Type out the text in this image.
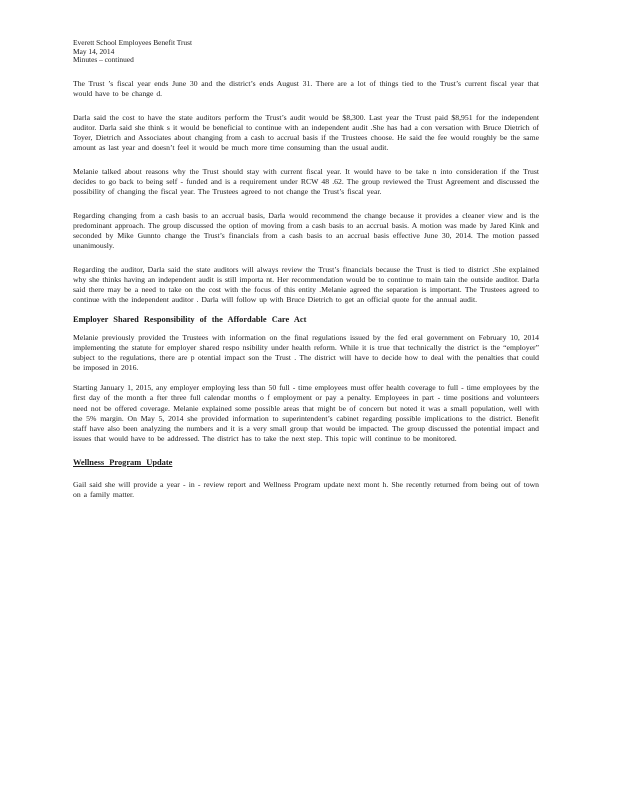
Everett School Employees Benefit Trust
May 14, 2014
Minutes – continued

The Trust ’s fiscal year ends June 30 and the district’s ends August 31. There are a lot of things tied to the Trust’s current fiscal year that would have to be change d.

Darla said the cost to have the state auditors perform the Trust’s audit would be $8,300. Last year the Trust paid $8,951 for the independent auditor. Darla said she think s it would be beneficial to continue with an independent audit .She has had a con versation with Bruce Dietrich of Toyer, Dietrich and Associates about changing from a cash to accrual basis if the Trustees choose. He said the fee would roughly be the same amount as last year and doesn’t feel it would be much more time consuming than the usual audit.

Melanie talked about reasons why the Trust should stay with current fiscal year. It would have to be take n into consideration if the Trust decides to go back to being self - funded and is a requirement under RCW 48 .62. The group reviewed the Trust Agreement and discussed the possibility of changing the fiscal year. The Trustees agreed to not change the Trust’s fiscal year.

Regarding changing from a cash basis to an accrual basis, Darla would recommend the change because it provides a cleaner view and is the predominant approach. The group discussed the option of moving from a cash basis to an accrual basis. A motion was made by Jared Kink and seconded by Mike Gunnto change the Trust’s financials from a cash basis to an accrual basis effective June 30, 2014. The motion passed unanimously.

Regarding the auditor, Darla said the state auditors will always review the Trust’s financials because the Trust is tied to district .She explained why she thinks having an independent audit is still importa nt. Her recommendation would be to continue to main tain the outside auditor. Darla said there may be a need to take on the cost with the focus of this entity .Melanie agreed the separation is important. The Trustees agreed to continue with the independent auditor . Darla will follow up with Bruce Dietrich to get an official quote for the annual audit.

Employer Shared Responsibility of the Affordable Care Act

Melanie previously provided the Trustees with information on the final regulations issued by the fed eral government on February 10, 2014 implementing the statute for employer shared respo nsibility under health reform. While it is true that technically the district is the “employer” subject to the regulations, there are p otential impact son the Trust . The district will have to decide how to deal with the penalties that could be imposed in 2016.

Starting January 1, 2015, any employer employing less than 50 full - time employees must offer health coverage to full - time employees by the first day of the month a fter three full calendar months o f employment or pay a penalty. Employees in part - time positions and volunteers need not be offered coverage. Melanie explained some possible areas that might be of concern but noted it was a small population, well with the 5% margin. On May 5, 2014 she provided information to superintendent’s cabinet regarding possible implications to the district. Benefit staff have also been analyzing the numbers and it is a very small group that would be impacted. The group discussed the potential impact and issues that would have to be addressed. The district has to take the next step. This topic will continue to be monitored.

Wellness Program Update

Gail said she will provide a year - in - review report and Wellness Program update next mont h. She recently returned from being out of town on a family matter.
